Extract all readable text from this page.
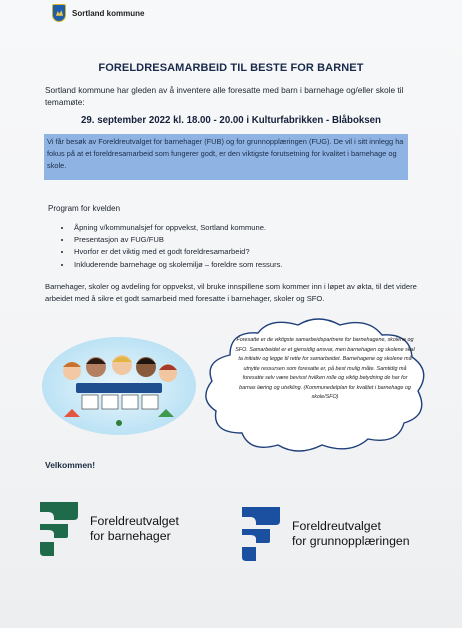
Sortland kommune
FORELDRESAMARBEID TIL BESTE FOR BARNET
Sortland kommune har gleden av å inventere alle foresatte med barn i barnehage og/eller skole til temamøte:
29. september 2022 kl. 18.00 - 20.00 i Kulturfabrikken - Blåboksen
Vi får besøk av Foreldreutvalget for barnehager (FUB) og for grunnopplæringen (FUG). De vil i sitt innlegg ha fokus på at et foreldresamarbeid som fungerer godt, er den viktigste forutsetning for kvalitet i barnehage og skole.
Program for kvelden
• Åpning v/kommunalsjef for oppvekst, Sortland kommune.
• Presentasjon av FUG/FUB
• Hvorfor er det viktig med et godt foreldresamarbeid?
• Inkluderende barnehage og skolemiljø – foreldre som ressurs.
Barnehager, skoler og avdeling for oppvekst, vil bruke innspillene som kommer inn i løpet av økta, til det videre arbeidet med å sikre et godt samarbeid med foresatte i barnehager, skoler og SFO.
Foresatte er de viktigste samarbeidspartnere for barnehagene, skolene og SFO. Samarbeidet er et gjensidig ansvar, men barnehagen og skolene skal ta initiativ og legge til rette for samarbeidet. Barnehagene og skolene må utnytte ressursen som foresatte er, på best mulig måte. Samtidig må foresatte selv være bevisst hvilken rolle og viktig betydning de har for barnas læring og utvikling. (Kommunedelplan for kvalitet i barnehage og skole/SFO)
Velkommen!
Foreldreutvalget
for barnehager
Foreldreutvalget
for grunnopplæringen
